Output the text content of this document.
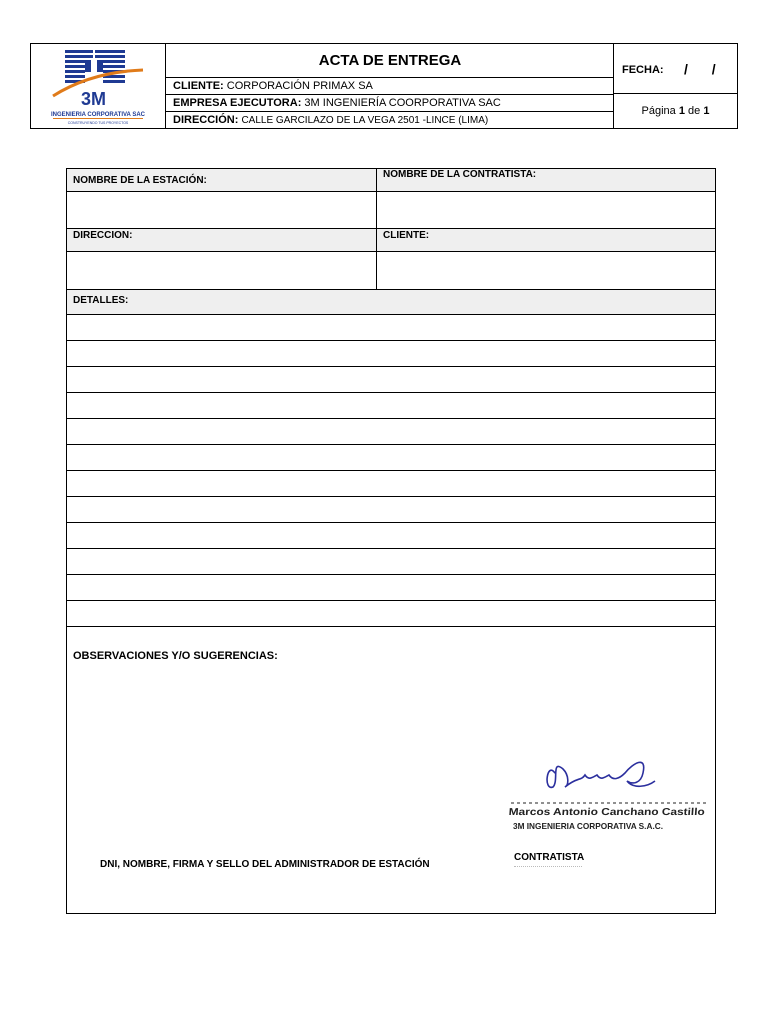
3M
INGENIERIA CORPORATIVA SAC
CONSTRUYENDO TUS PROYECTOS
ACTA DE ENTREGA
CLIENTE: CORPORACIÓN PRIMAX SA
EMPRESA EJECUTORA: 3M INGENIERÍA COORPORATIVA SAC
DIRECCIÓN: CALLE GARCILAZO DE LA VEGA 2501 -LINCE (LIMA)
FECHA: / /
Página
1
de
1
NOMBRE DE LA ESTACIÓN:
NOMBRE DE LA CONTRATISTA:
DIRECCION:	CLIENTE:
DETALLES:
OBSERVACIONES Y/O SUGERENCIAS:
Marcos Antonio Canchano Castillo
3M INGENIERIA CORPORATIVA S.A.C.
CONTRATISTA
DNI, NOMBRE, FIRMA Y SELLO DEL ADMINISTRADOR DE ESTACIÓN
